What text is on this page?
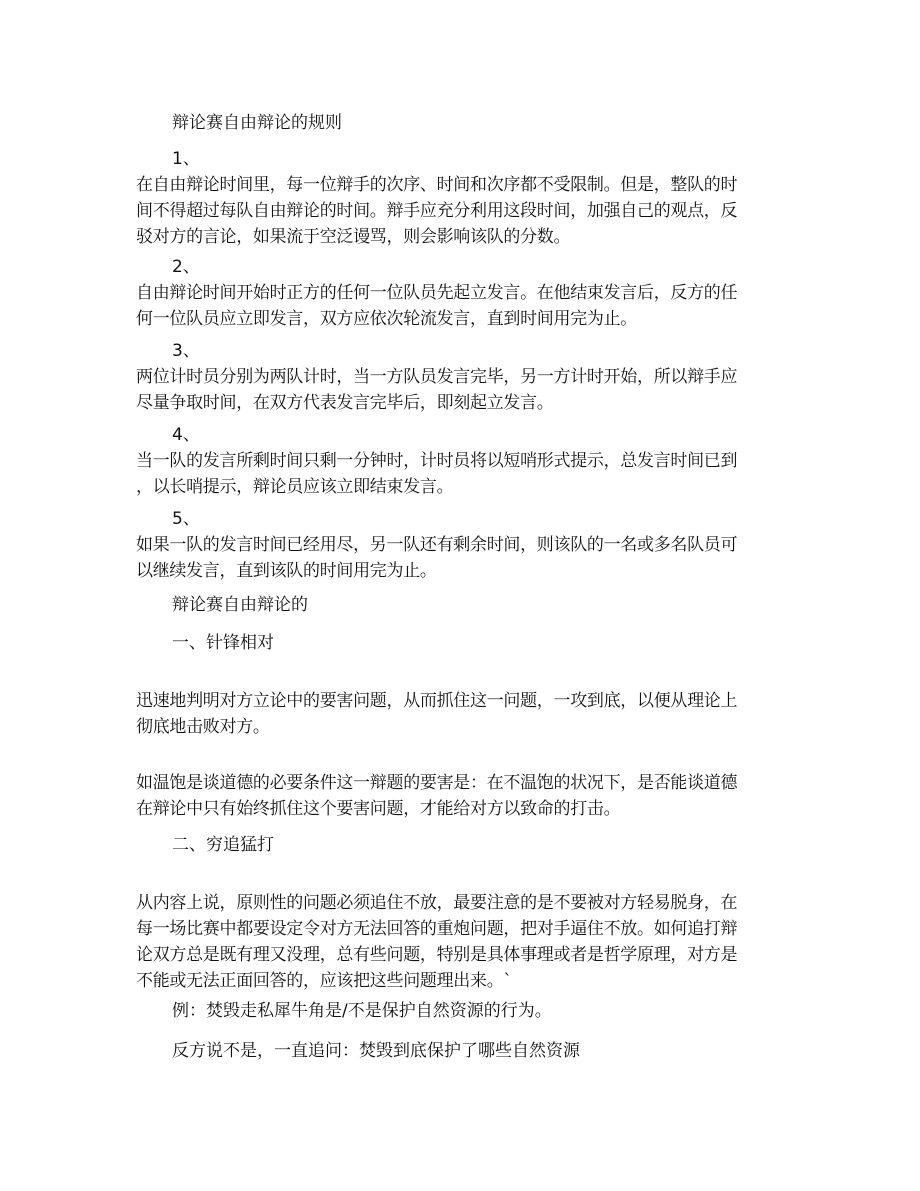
辩论赛自由辩论的规则

1、

在自由辩论时间里，每一位辩手的次序、时间和次序都不受限制。但是，整队的时
间不得超过每队自由辩论的时间。辩手应充分利用这段时间，加强自己的观点，反
驳对方的言论，如果流于空泛谩骂，则会影响该队的分数。

2、

自由辩论时间开始时正方的任何一位队员先起立发言。在他结束发言后，反方的任
何一位队员应立即发言，双方应依次轮流发言，直到时间用完为止。

3、

两位计时员分别为两队计时，当一方队员发言完毕，另一方计时开始，所以辩手应
尽量争取时间，在双方代表发言完毕后，即刻起立发言。

4、

当一队的发言所剩时间只剩一分钟时，计时员将以短哨形式提示，总发言时间已到
，以长哨提示，辩论员应该立即结束发言。

5、

如果一队的发言时间已经用尽，另一队还有剩余时间，则该队的一名或多名队员可
以继续发言，直到该队的时间用完为止。

辩论赛自由辩论的

一、针锋相对

迅速地判明对方立论中的要害问题，从而抓住这一问题，一攻到底，以便从理论上
彻底地击败对方。
如温饱是谈道德的必要条件这一辩题的要害是：在不温饱的状况下，是否能谈道德
在辩论中只有始终抓住这个要害问题，才能给对方以致命的打击。

二、穷追猛打

从内容上说，原则性的问题必须追住不放，最要注意的是不要被对方轻易脱身，在
每一场比赛中都要设定令对方无法回答的重炮问题，把对手逼住不放。如何追打辩
论双方总是既有理又没理，总有些问题，特别是具体事理或者是哲学原理，对方是
不能或无法正面回答的，应该把这些问题理出来。`

例：焚毁走私犀牛角是/不是保护自然资源的行为。

反方说不是，一直追问：焚毁到底保护了哪些自然资源
